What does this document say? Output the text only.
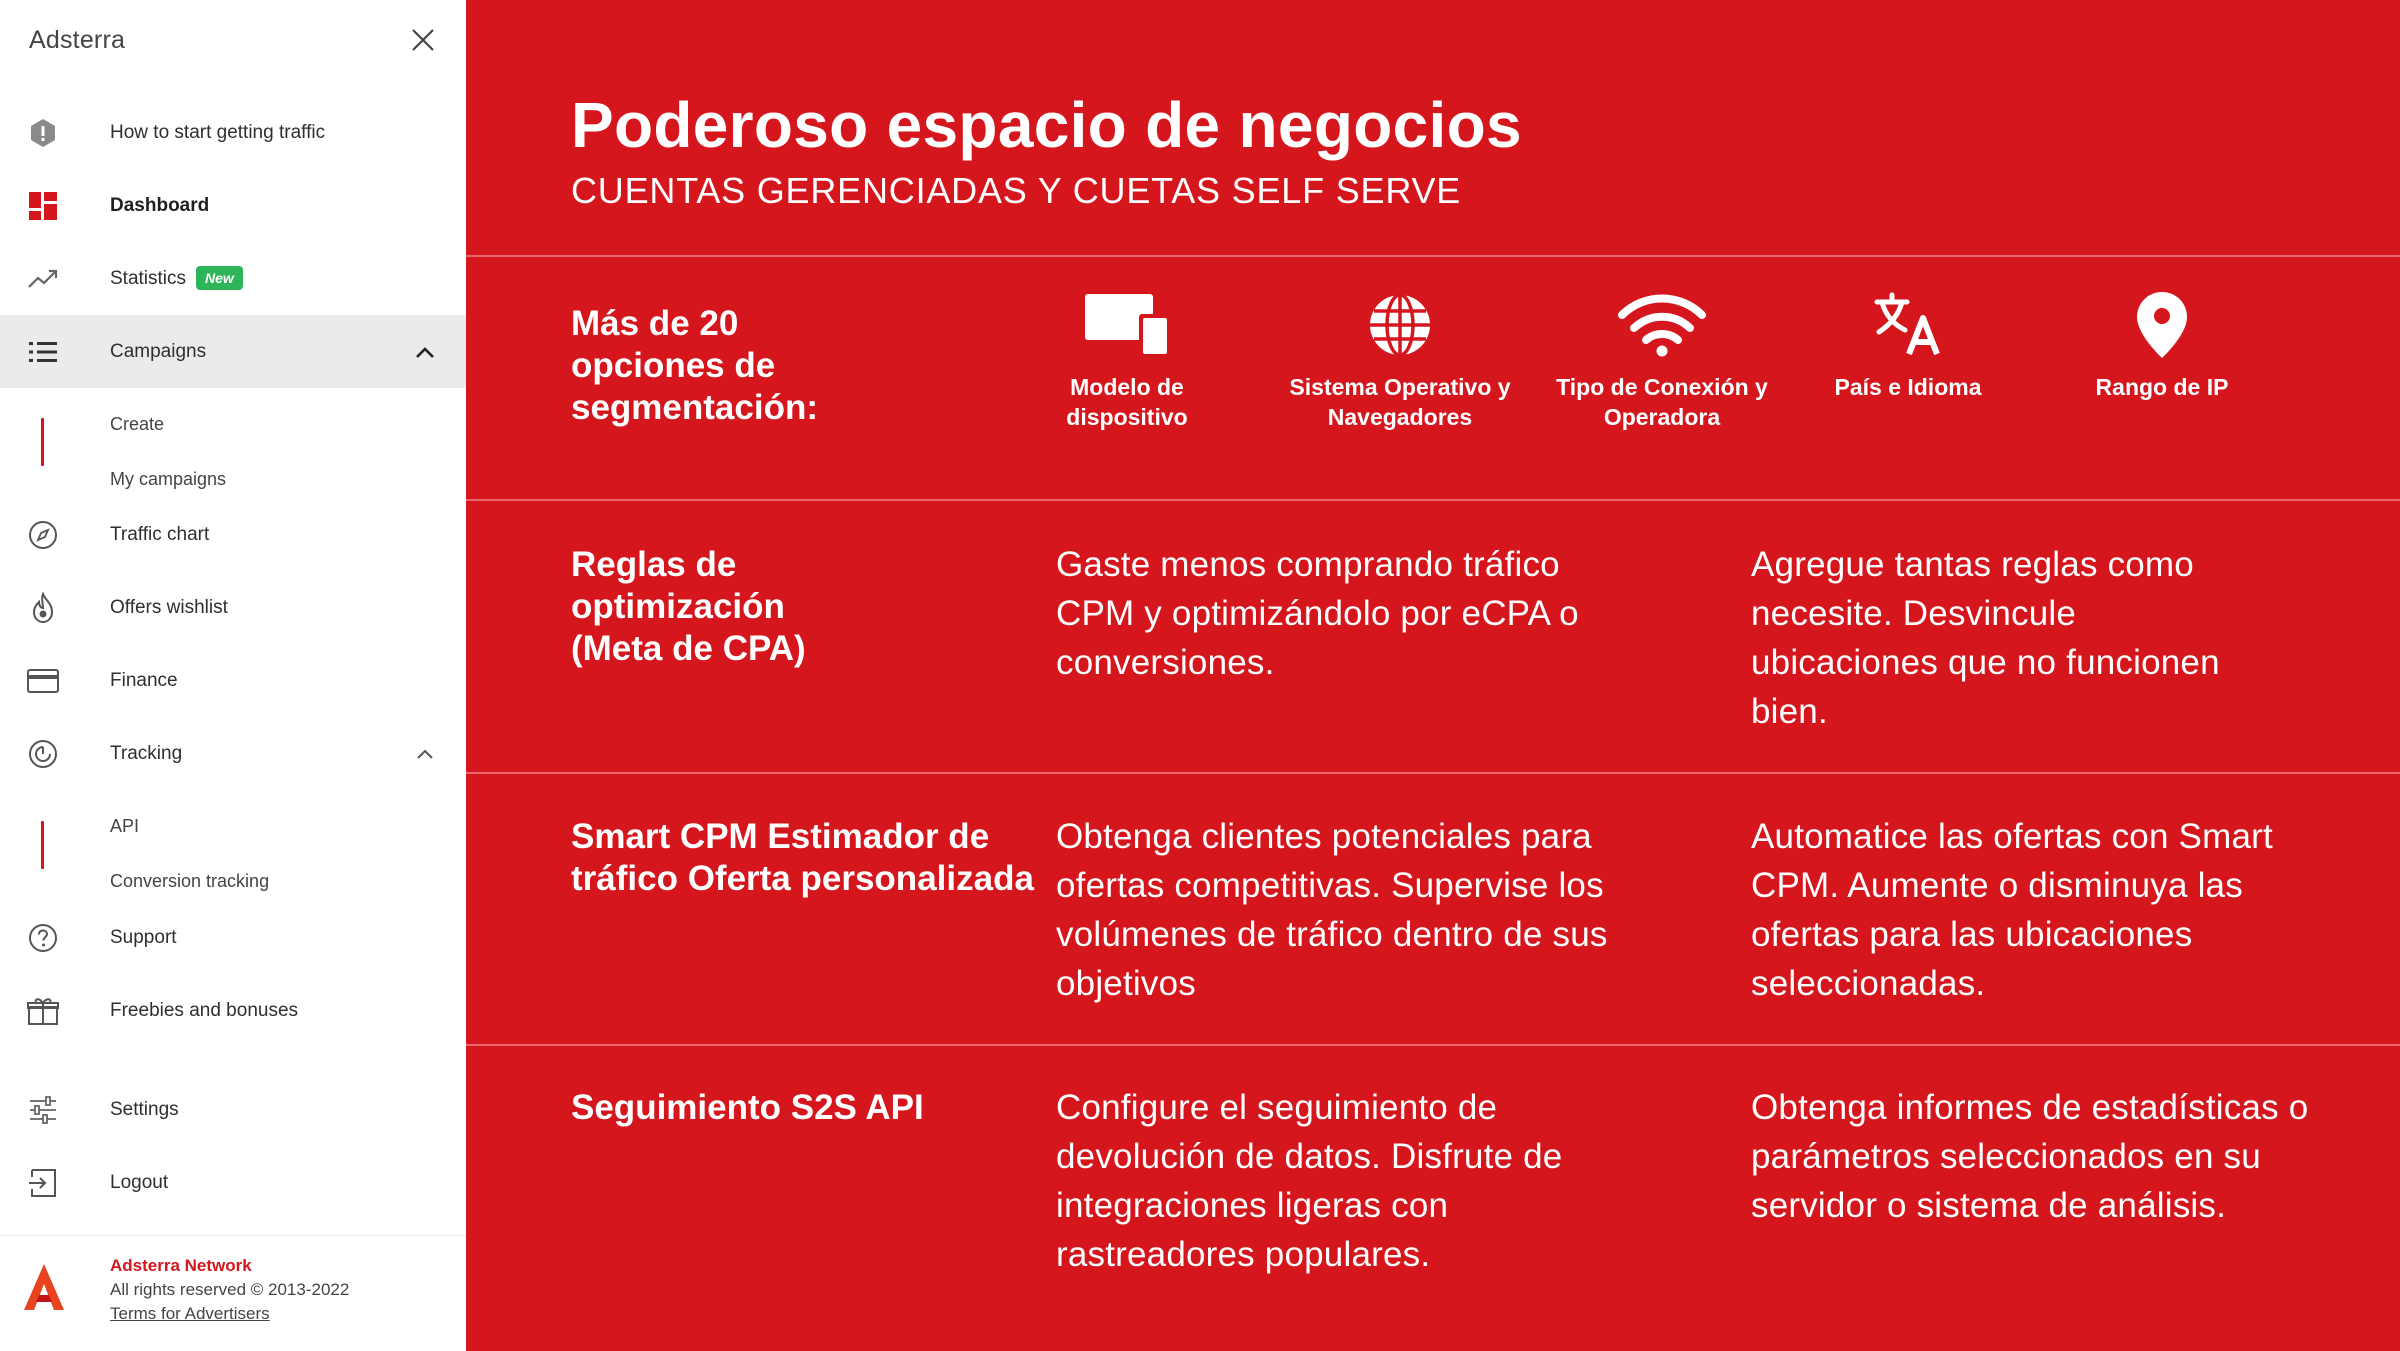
Adsterra
How to start getting traffic
Dashboard
Statistics New
Campaigns
Create
My campaigns
Traffic chart
Offers wishlist
Finance
Tracking
API
Conversion tracking
Support
Freebies and bonuses
Settings
Logout
Adsterra Network
All rights reserved © 2013-2022
Terms for Advertisers
Poderoso espacio de negocios
CUENTAS GERENCIADAS Y CUETAS SELF SERVE
Más de 20 opciones de segmentación:
Modelo de dispositivo
Sistema Operativo y Navegadores
Tipo de Conexión y Operadora
País e Idioma	Rango de IP
Reglas de optimización (Meta de CPA)
Gaste menos comprando tráfico CPM y optimizándolo por eCPA o conversiones.
Agregue tantas reglas como necesite. Desvincule ubicaciones que no funcionen bien.
Smart CPM Estimador de tráfico Oferta personalizada
Obtenga clientes potenciales para ofertas competitivas. Supervise los volúmenes de tráfico dentro de sus objetivos
Automatice las ofertas con Smart CPM. Aumente o disminuya las ofertas para las ubicaciones seleccionadas.
Seguimiento S2S API	Configure el seguimiento de devolución de datos. Disfrute de integraciones ligeras con rastreadores populares.
Obtenga informes de estadísticas o parámetros seleccionados en su servidor o sistema de análisis.
